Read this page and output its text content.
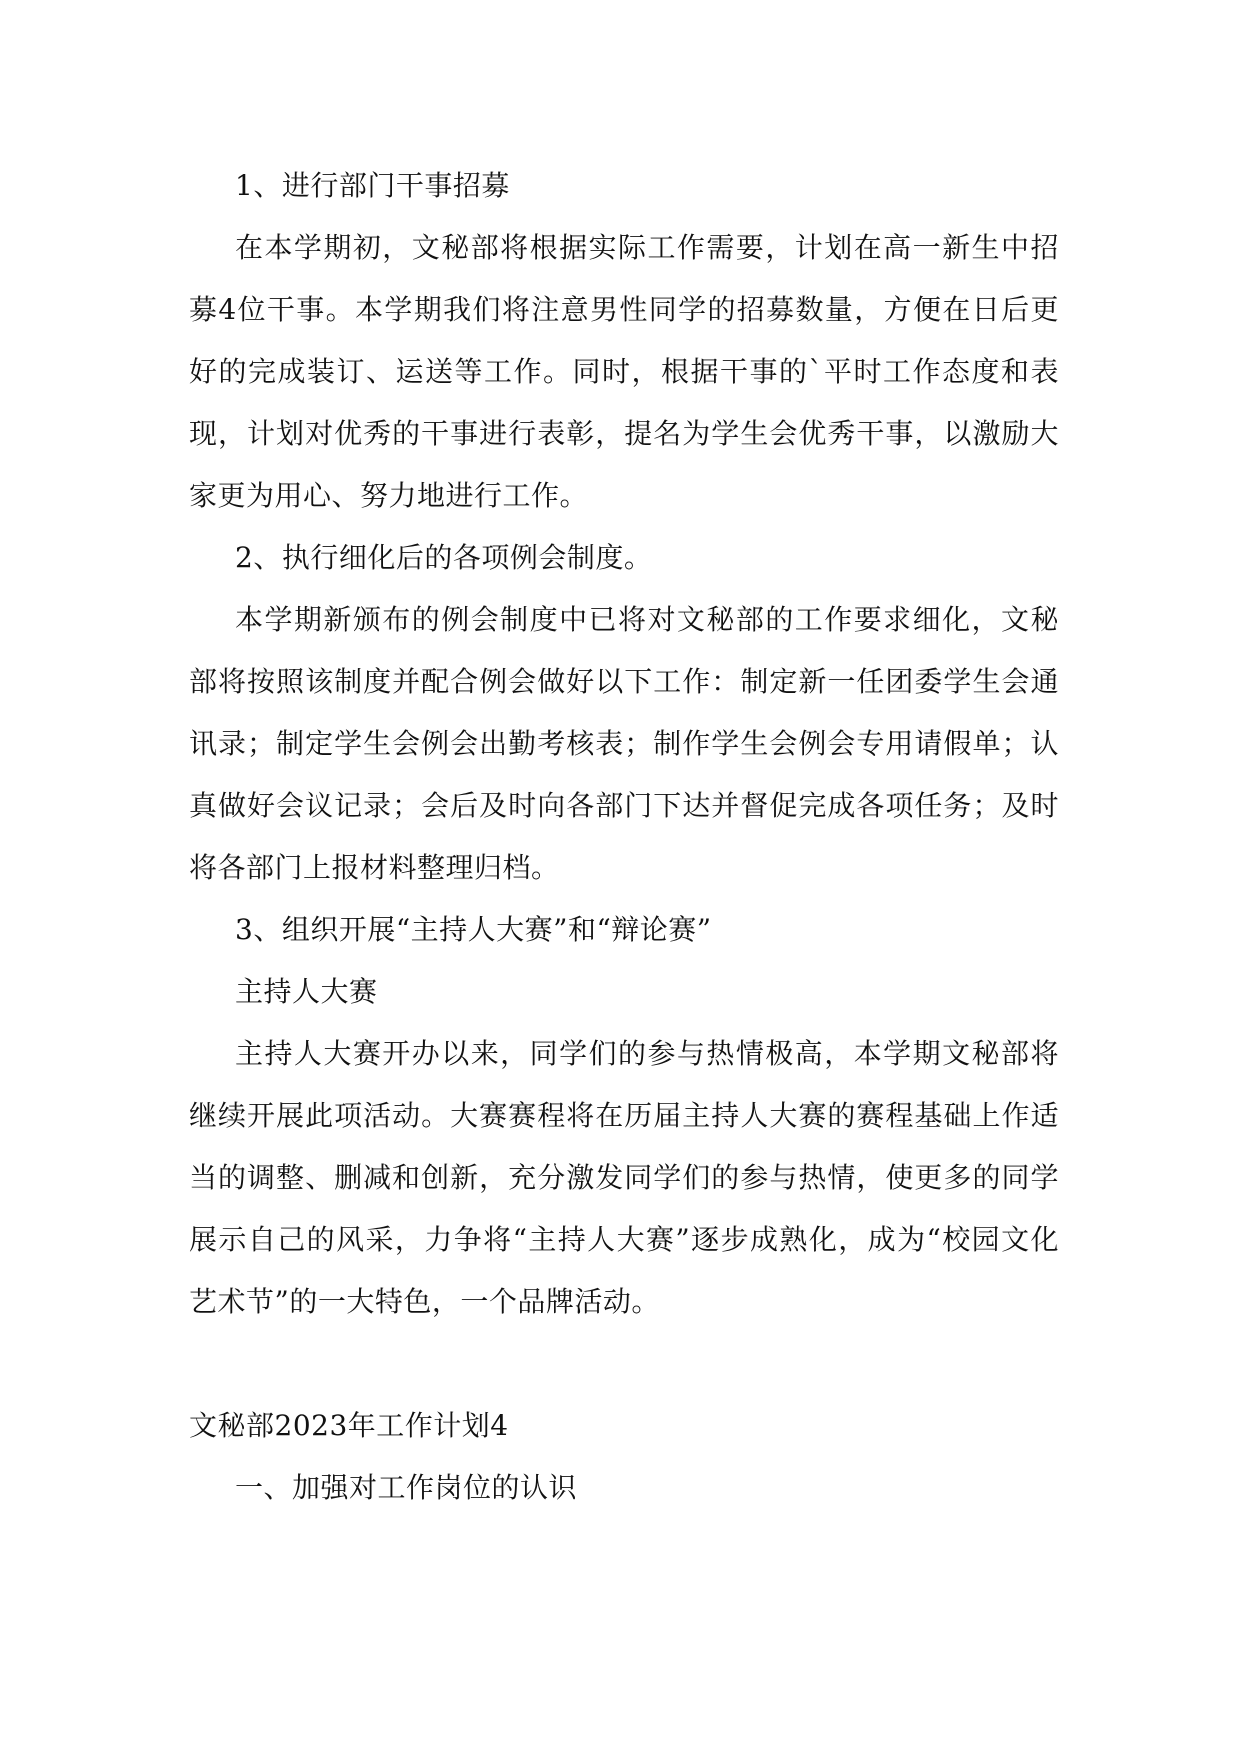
1、进行部门干事招募

在本学期初，文秘部将根据实际工作需要，计划在高一新生中招募4位干事。本学期我们将注意男性同学的招募数量，方便在日后更好的完成装订、运送等工作。同时，根据干事的`平时工作态度和表现，计划对优秀的干事进行表彰，提名为学生会优秀干事，以激励大家更为用心、努力地进行工作。

2、执行细化后的各项例会制度。

本学期新颁布的例会制度中已将对文秘部的工作要求细化，文秘部将按照该制度并配合例会做好以下工作：制定新一任团委学生会通讯录；制定学生会例会出勤考核表；制作学生会例会专用请假单；认真做好会议记录；会后及时向各部门下达并督促完成各项任务；及时将各部门上报材料整理归档。

3、组织开展“主持人大赛”和“辩论赛”

主持人大赛

主持人大赛开办以来，同学们的参与热情极高，本学期文秘部将继续开展此项活动。大赛赛程将在历届主持人大赛的赛程基础上作适当的调整、删减和创新，充分激发同学们的参与热情，使更多的同学展示自己的风采，力争将“主持人大赛”逐步成熟化，成为“校园文化艺术节”的一大特色，一个品牌活动。

文秘部2023年工作计划4

一、加强对工作岗位的认识
